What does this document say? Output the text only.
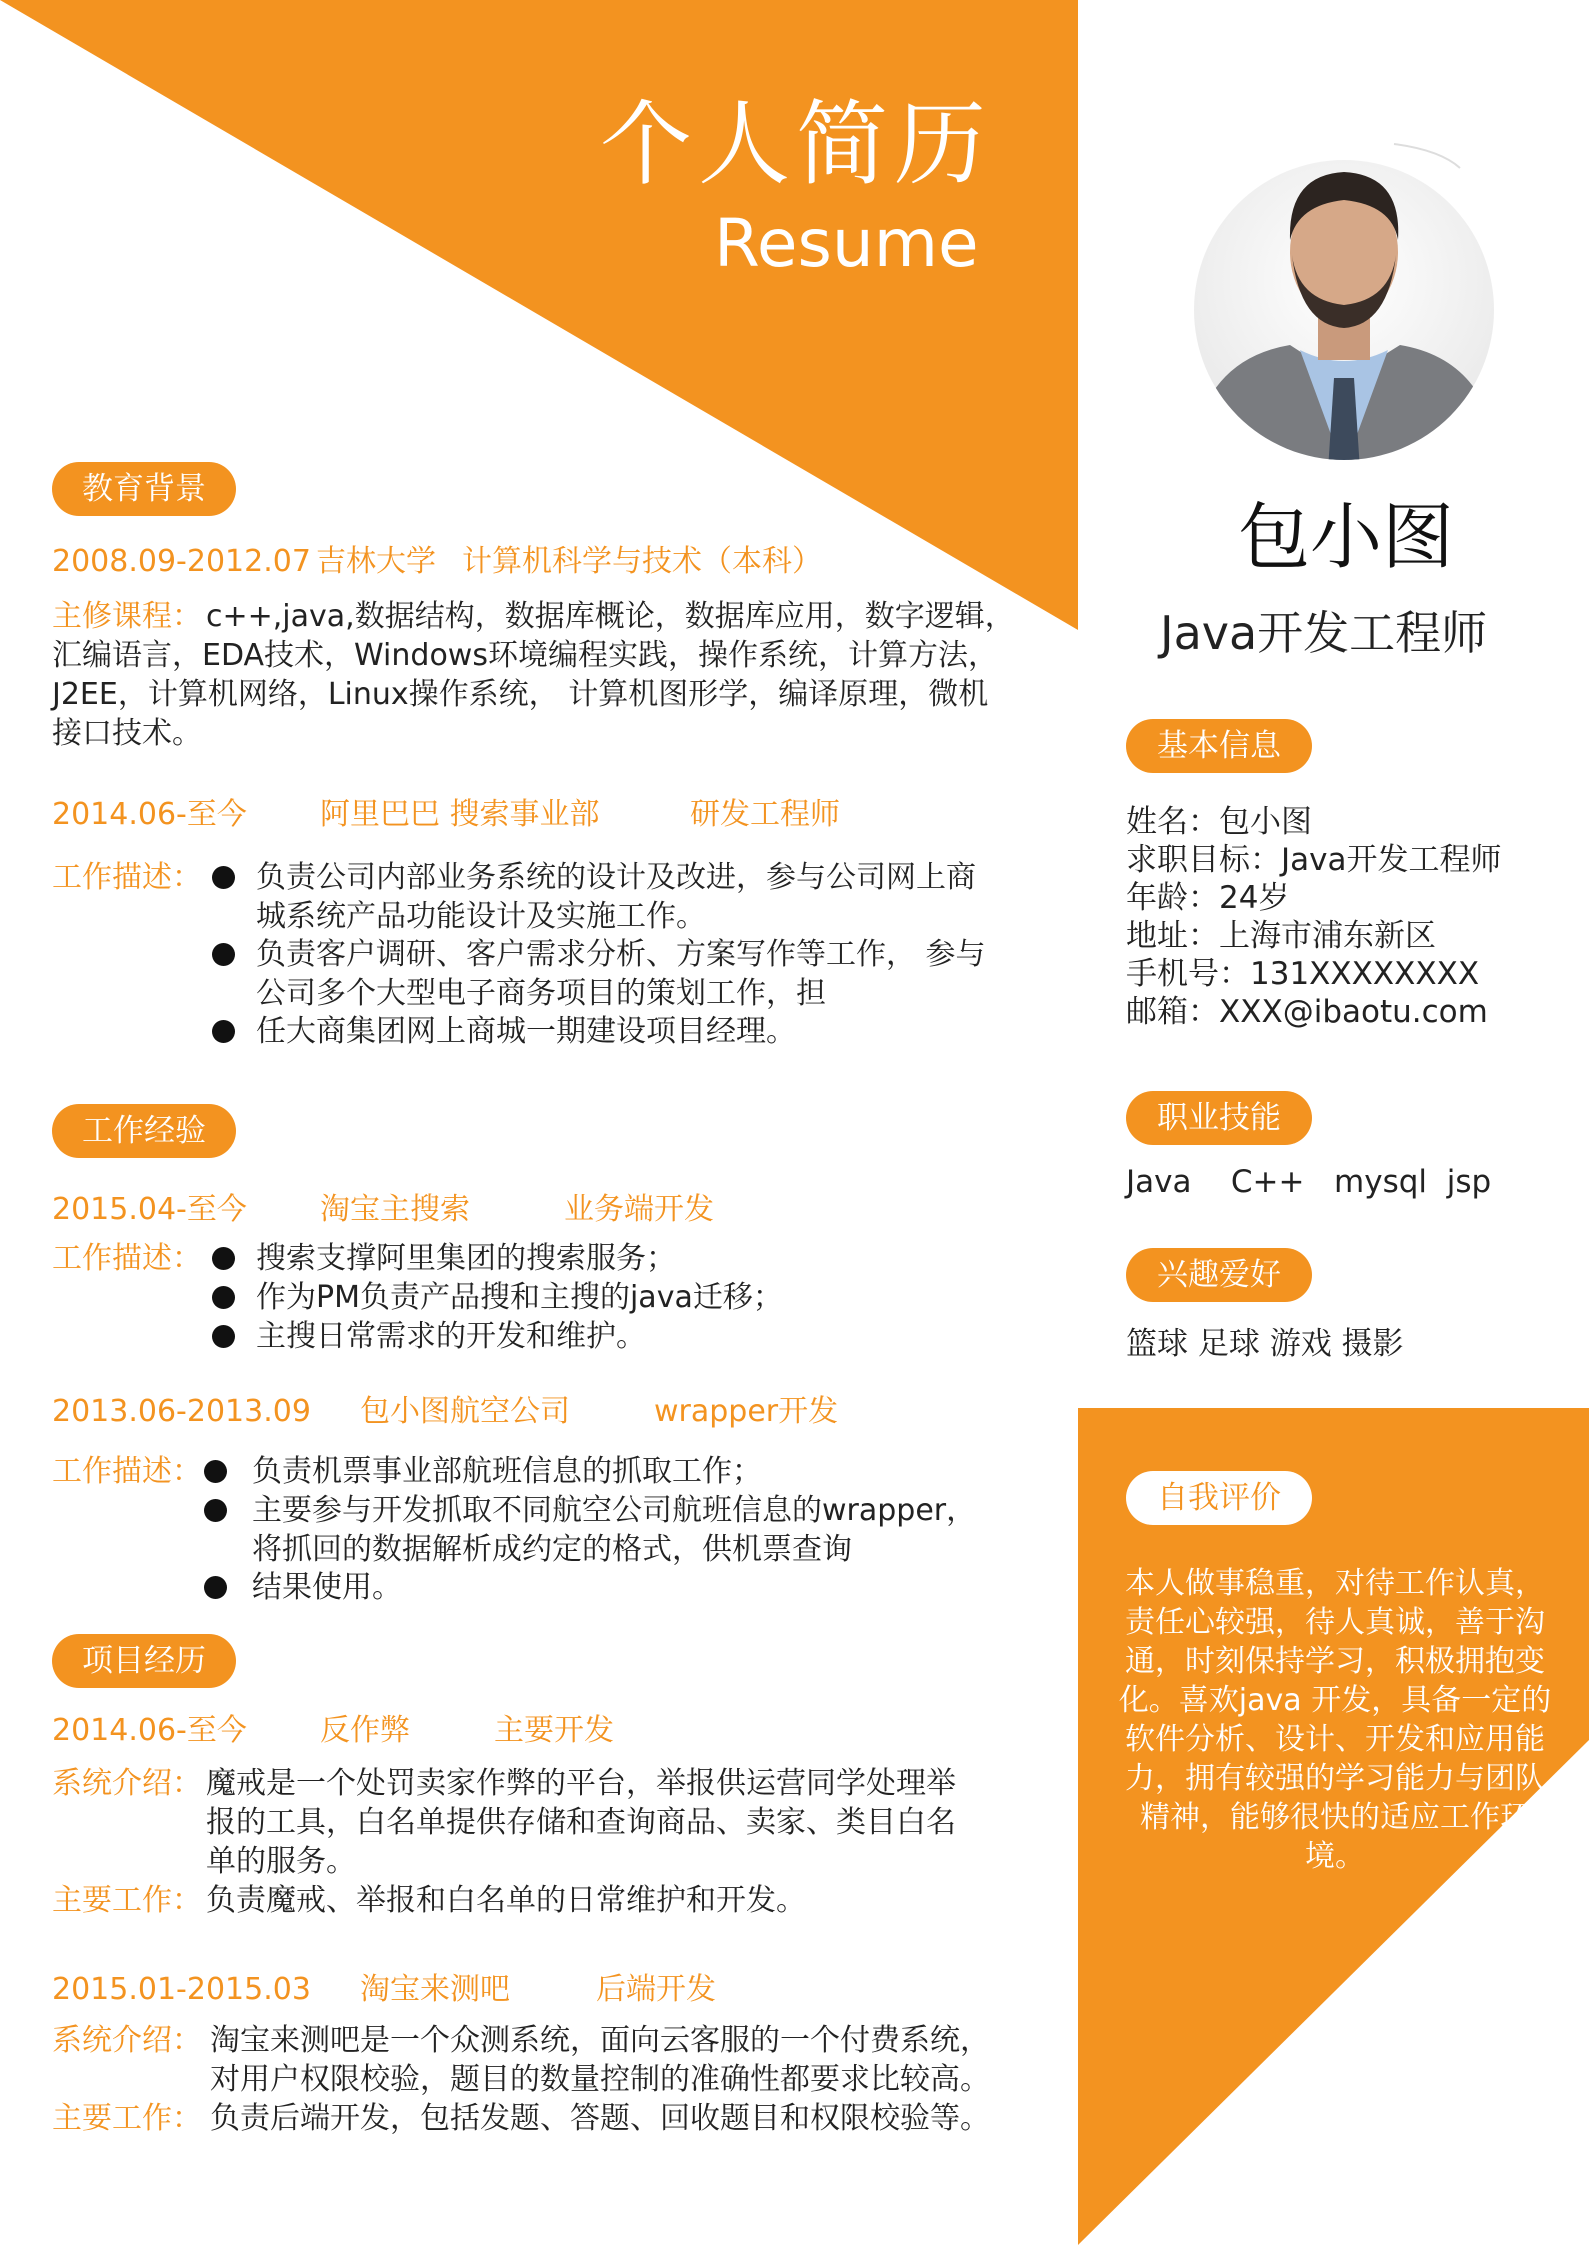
个人简历
Resume
包小图
Java开发工程师
教育背景
2008.09-2012.07 吉林大学 计算机科学与技术（本科）
主修课程： c++,java,数据结构，数据库概论，数据库应用，数字逻辑，
汇编语言，EDA技术，Windows环境编程实践，操作系统，计算方法，
J2EE，计算机网络，Linux操作系统， 计算机图形学，编译原理，微机
接口技术。
2014.06-至今 阿里巴巴 搜索事业部	研发工程师
工作描述： 负责公司内部业务系统的设计及改进，参与公司网上商
城系统产品功能设计及实施工作。
负责客户调研、客户需求分析、方案写作等工作， 参与
公司多个大型电子商务项目的策划工作，担
任大商集团网上商城一期建设项目经理。
工作经验
2015.04-至今 淘宝主搜索	业务端开发
工作描述： 搜索支撑阿里集团的搜索服务；
作为PM负责产品搜和主搜的java迁移；
主搜日常需求的开发和维护。
2013.06-2013.09 包小图航空公司	wrapper开发
工作描述： 负责机票事业部航班信息的抓取工作；
主要参与开发抓取不同航空公司航班信息的wrapper，
将抓回的数据解析成约定的格式，供机票查询
结果使用。
项目经历
2014.06-至今 反作弊	主要开发
系统介绍： 魔戒是一个处罚卖家作弊的平台，举报供运营同学处理举
报的工具，白名单提供存储和查询商品、卖家、类目白名
单的服务。
主要工作： 负责魔戒、举报和白名单的日常维护和开发。
2015.01-2015.03 淘宝来测吧	后端开发
系统介绍： 淘宝来测吧是一个众测系统，面向云客服的一个付费系统，
对用户权限校验，题目的数量控制的准确性都要求比较高。
主要工作： 负责后端开发，包括发题、答题、回收题目和权限校验等。
基本信息
姓名：包小图
求职目标：Java开发工程师
年龄：24岁
地址：上海市浦东新区
手机号：131XXXXXXXX
邮箱：XXX@ibaotu.com
职业技能
Java    C++   mysql  jsp
兴趣爱好
篮球 足球 游戏 摄影
自我评价
本人做事稳重，对待工作认真，
责任心较强，待人真诚，善于沟
通，时刻保持学习，积极拥抱变
化。喜欢java 开发，具备一定的
软件分析、设计、开发和应用能
力，拥有较强的学习能力与团队
精神，能够很快的适应工作环
境。
